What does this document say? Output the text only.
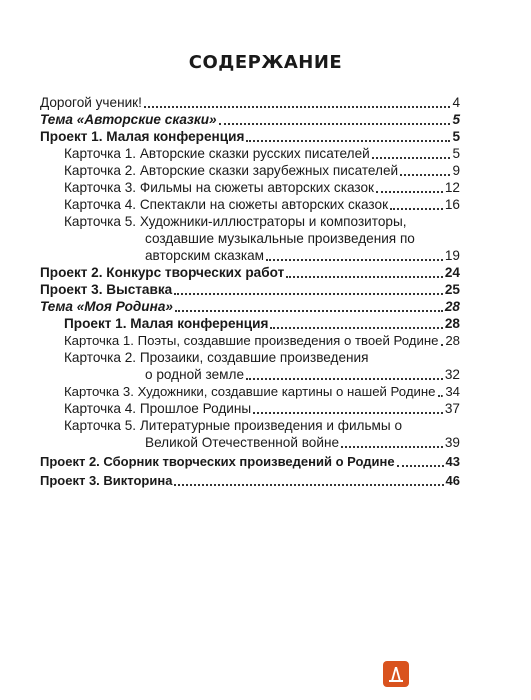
СОДЕРЖАНИЕ
Дорогой ученик!	4
Тема «Авторские сказки»	5
Проект 1. Малая конференция	5
Карточка 1. Авторские сказки русских писателей	5
Карточка 2. Авторские сказки зарубежных писателей	9
Карточка 3. Фильмы на сюжеты авторских сказок	12
Карточка 4. Спектакли на сюжеты авторских сказок	16
Карточка 5. Художники-иллюстраторы и композиторы,
создавшие музыкальные произведения по
авторским сказкам	19
Проект 2. Конкурс творческих работ	24
Проект 3. Выставка	25
Тема «Моя Родина»	28
Проект 1. Малая конференция	28
Карточка 1. Поэты, создавшие произведения о твоей Родине 28
Карточка 2. Прозаики, создавшие произведения
о родной земле	32
Карточка 3. Художники, создавшие картины о нашей Родине 34
Карточка 4. Прошлое Родины	37
Карточка 5. Литературные произведения и фильмы о
Великой Отечественной войне	39
Проект 2. Сборник творческих произведений о Родине	43
Проект 3. Викторина	46
